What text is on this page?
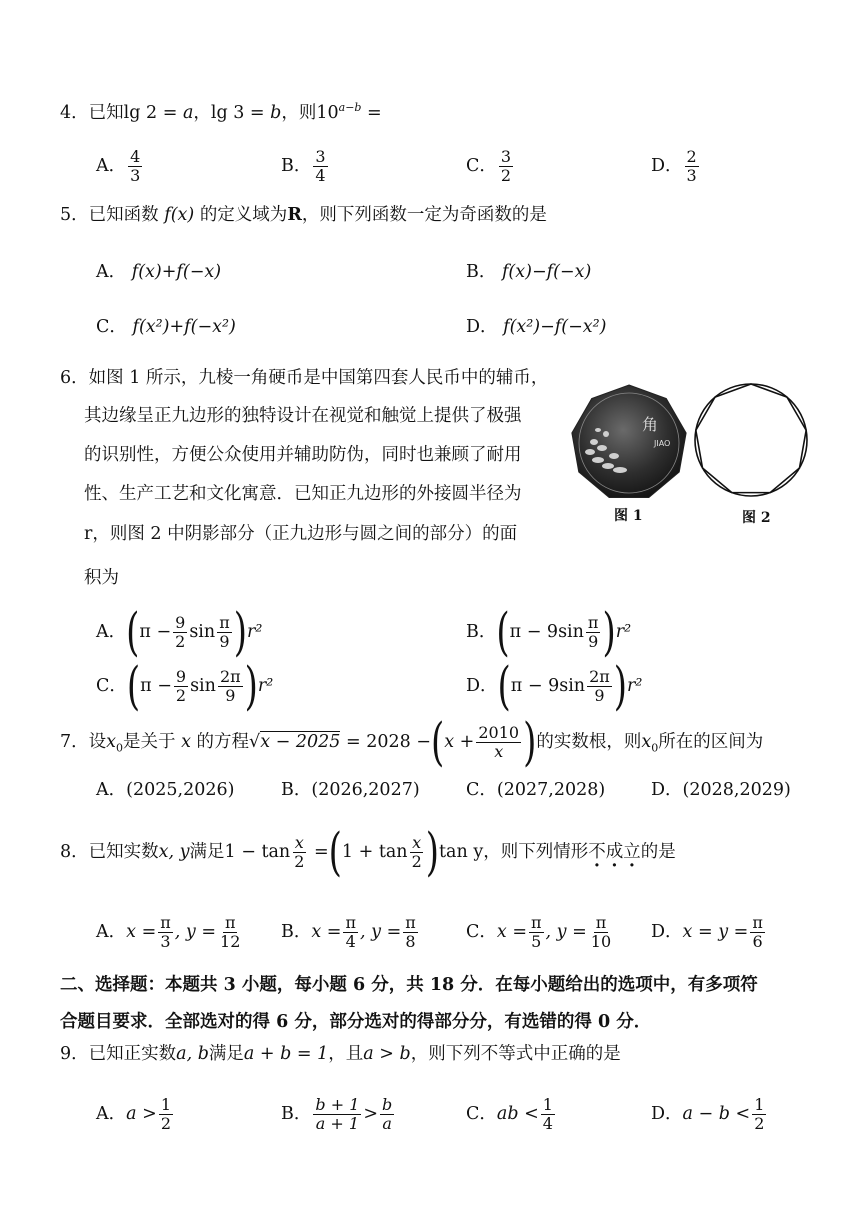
4．已知lg 2 = a，lg 3 = b，则$10^{a-b}$ =
A． $\frac{4}{3}$	B． $\frac{3}{4}$	C． $\frac{3}{2}$	D． $\frac{2}{3}$
5．已知函数 f(x) 的定义域为R，则下列函数一定为奇函数的是
A． f(x)+f(−x)	B． f(x)−f(−x)
C． f(x²)+f(−x²)	D． f(x²)−f(−x²)
6．如图 1 所示，九棱一角硬币是中国第四套人民币中的辅币，
其边缘呈正九边形的独特设计在视觉和触觉上提供了极强
的识别性，方便公众使用并辅助防伪，同时也兼顾了耐用
性、生产工艺和文化寓意．已知正九边形的外接圆半径为
r，则图 2 中阴影部分（正九边形与圆之间的部分）的面
积为
角
JIAO
图 1	图 2
A．($\pi - \frac{9}{2}$ $\sin \frac{\pi}{9} )r^2$	B．$(\pi - 9\sin \frac{\pi}{9} )r^2$
C．($\pi - \frac{9}{2}$ $\sin \frac{2\pi}{9} )r^2$	D．$(\pi - 9\sin \frac{2\pi}{9} )r^2$
7．设$x_0$是关于 x 的方程$√x - 2025 = 2028 -(x + \frac{2010}{x}$ )的实数根，则$x_0$所在的区间为
A．(2025,2026)	B．(2026,2027)	C．(2027,2028)	D．(2028,2029)
8．已知实数x, y满足$1 - \tan \frac{x}{2} =(1 + \tan \frac{x}{2} )\tan$ y，则下列情形不成立的是
A．$x = \frac{\pi}{3}$ , $y = \frac{\pi}{12}$ B．$x = \frac{\pi}{4}$ , $y = \frac{\pi}{8}$	C．$x = \frac{\pi}{5}$ , $y = \frac{\pi}{10}$ D．$x = y = \frac{\pi}{6}$
二、选择题：本题共 3 小题，每小题 6 分，共 18 分．在每小题给出的选项中，有多项符
合题目要求．全部选对的得 6 分，部分选对的得部分分，有选错的得 0 分．
9．已知正实数a, b满足a + b = 1，且a > b，则下列不等式中正确的是
A．$a > \frac{1}{2}$	B． $\frac{b + 1}{a + 1} > \frac{b}{a}$	C．ab < $\frac{1}{4}$	D．$a - b < \frac{1}{2}$
